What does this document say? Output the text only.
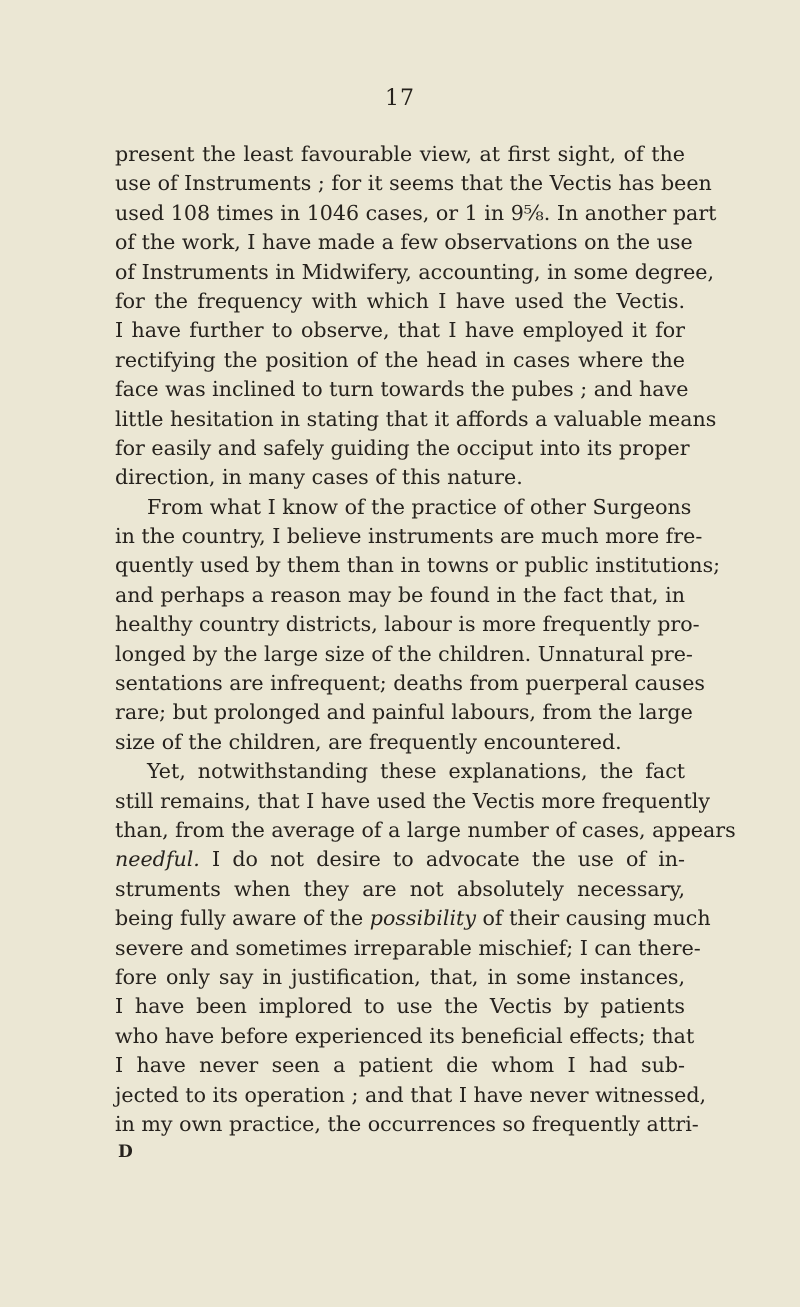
17
present the least favourable view, at first sight, of the
use of Instruments ; for it seems that the Vectis has been
used 108 times in 1046 cases, or 1 in 9⅝. In another part
of the work, I have made a few observations on the use
of Instruments in Midwifery, accounting, in some degree,
for the frequency with which I have used the Vectis.
I have further to observe, that I have employed it for
rectifying the position of the head in cases where the
face was inclined to turn towards the pubes ; and have
little hesitation in stating that it affords a valuable means
for easily and safely guiding the occiput into its proper
direction, in many cases of this nature.
From what I know of the practice of other Surgeons
in the country, I believe instruments are much more fre-
quently used by them than in towns or public institutions;
and perhaps a reason may be found in the fact that, in
healthy country districts, labour is more frequently pro-
longed by the large size of the children. Unnatural pre-
sentations are infrequent; deaths from puerperal causes
rare; but prolonged and painful labours, from the large
size of the children, are frequently encountered.
Yet, notwithstanding these explanations, the fact
still remains, that I have used the Vectis more frequently
than, from the average of a large number of cases, appears
needful. I do not desire to advocate the use of in-
struments when they are not absolutely necessary,
being fully aware of the possibility of their causing much
severe and sometimes irreparable mischief; I can there-
fore only say in justification, that, in some instances,
I have been implored to use the Vectis by patients
who have before experienced its beneficial effects; that
I have never seen a patient die whom I had sub-
jected to its operation ; and that I have never witnessed,
in my own practice, the occurrences so frequently attri-
D
